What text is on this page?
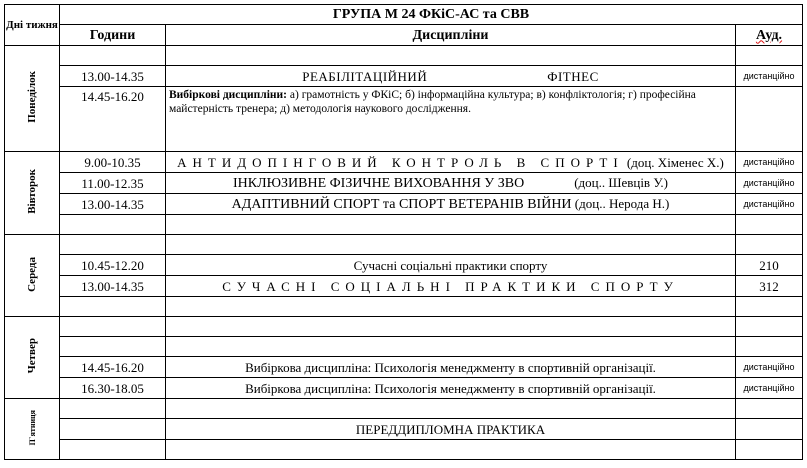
Дні тижня	ГРУПА М 24 ФКіС-АС та СВВ		
	Години	Дисципліни	Ауд.
Понеділок			
	13.00-14.35	РЕАБІЛІТАЦІЙНИЙ ФІТНЕС	дистанційно
	14.45-16.20	Вибіркові дисципліни: а) грамотність у ФКіС; б) інформаційна культура; в) конфліктологія; г) професійна майстерність тренера; д) методологія наукового дослідження.	
Вівторок	9.00-10.35	АНТИДОПІНГОВИЙ КОНТРОЛЬ В СПОРТІ (доц. Хіменес Х.)	дистанційно
	11.00-12.35	ІНКЛЮЗИВНЕ ФІЗИЧНЕ ВИХОВАННЯ У ЗВО (доц.. Шевців У.)	дистанційно
	13.00-14.35	АДАПТИВНИЙ СПОРТ та СПОРТ ВЕТЕРАНІВ ВІЙНИ (доц.. Нерода Н.)	дистанційно

Середа			
	10.45-12.20	Сучасні соціальні практики спорту	210
	13.00-14.35	СУЧАСНІ СОЦІАЛЬНІ ПРАКТИКИ СПОРТУ	312

Четвер			

	14.45-16.20	Вибіркова дисципліна: Психологія менеджменту в спортивній організації.	дистанційно
	16.30-18.05	Вибіркова дисципліна: Психологія менеджменту в спортивній організації.	дистанційно
П`ятниця			
		ПЕРЕДДИПЛОМНА ПРАКТИКА	
